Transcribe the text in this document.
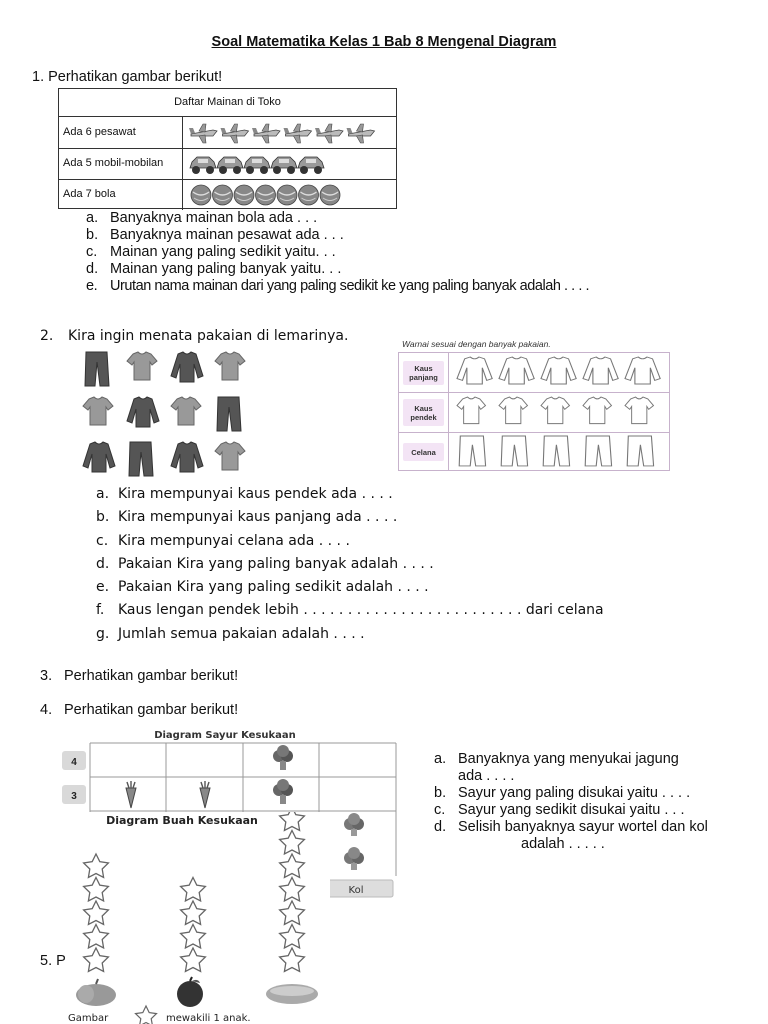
Soal Matematika Kelas 1 Bab 8 Mengenal Diagram
1. Perhatikan gambar berikut!
Daftar Mainan di Toko
Ada 6 pesawat
Ada 5 mobil-mobilan
Ada 7 bola
a. Banyaknya mainan bola ada . . .
b. Banyaknya mainan pesawat ada . . .
c. Mainan yang paling sedikit yaitu. . .
d. Mainan yang paling banyak yaitu. . .
e. Urutan nama mainan dari yang paling sedikit ke yang paling banyak adalah . . . .
2. Kira ingin menata pakaian di lemarinya.	Warnai sesuai dengan banyak pakaian.
Kaus panjang
Kaus pendek
Celana
a. Kira mempunyai kaus pendek ada . . . .
b. Kira mempunyai kaus panjang ada . . . .
c. Kira mempunyai celana ada . . . .
d. Pakaian Kira yang paling banyak adalah . . . .
e. Pakaian Kira yang paling sedikit adalah . . . .
f. Kaus lengan pendek lebih . . . . . . . . . . . . . . . . . . . . . . . . . dari celana
g. Jumlah semua pakaian adalah . . . .
3. Perhatikan gambar berikut!
4. Perhatikan gambar berikut!
Diagram Sayur Kesukaan
4
3
Kol
Diagram Buah Kesukaan
Gambar	mewakili 1 anak.
a. Banyaknya yang menyukai jagung
ada . . . .
b. Sayur yang paling disukai yaitu . . . .
c. Sayur yang sedikit disukai yaitu . . .
d. Selisih banyaknya sayur wortel dan kol
adalah . . . . .
5. P
